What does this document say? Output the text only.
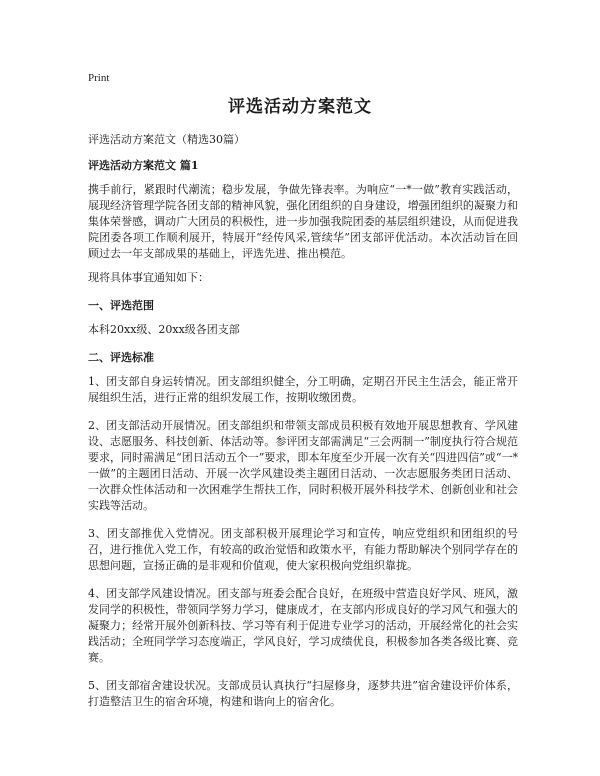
Print
评选活动方案范文

评选活动方案范文（精选30篇）

评选活动方案范文 篇1

携手前行，紧跟时代潮流；稳步发展，争做先锋表率。为响应“一*一做”教育实践活动，展现经济管理学院各团支部的精神风貌，强化团组织的自身建设，增强团组织的凝聚力和集体荣誉感，调动广大团员的积极性，进一步加强我院团委的基层组织建设，从而促进我院团委各项工作顺利展开，特展开“经传风采,管续华”团支部评优活动。本次活动旨在回顾过去一年支部成果的基础上，评选先进、推出模范。

现将具体事宜通知如下：

一、评选范围

本科20xx级、20xx级各团支部

二、评选标准

1、团支部自身运转情况。团支部组织健全，分工明确，定期召开民主生活会，能正常开展组织生活，进行正常的组织发展工作，按期收缴团费。

2、团支部活动开展情况。团支部组织和带领支部成员积极有效地开展思想教育、学风建设、志愿服务、科技创新、体活动等。参评团支部需满足“三会两制一”制度执行符合规范要求，同时需满足“团日活动五个一”要求，即本年度至少开展一次有关“四进四信”或“一*一做”的主题团日活动、开展一次学风建设类主题团日活动、一次志愿服务类团日活动、一次群众性体活动和一次困难学生帮扶工作，同时积极开展外科技学术、创新创业和社会实践等活动。

3、团支部推优入党情况。团支部积极开展理论学习和宣传，响应党组织和团组织的号召，进行推优入党工作，有较高的政治觉悟和政策水平，有能力帮助解决个别同学存在的思想问题，宣扬正确的是非观和价值观，使大家积极向党组织靠拢。

4、团支部学风建设情况。团支部与班委会配合良好，在班级中营造良好学风、班风，激发同学的积极性，带领同学努力学习，健康成才，在支部内形成良好的学习风气和强大的凝聚力；经常开展外创新科技、学习等有利于促进专业学习的活动，开展经常化的社会实践活动；全班同学学习态度端正，学风良好，学习成绩优良，积极参加各类各级比赛、竞赛。

5、团支部宿舍建设状况。支部成员认真执行“扫屋修身，逐梦共进”宿舍建设评价体系，打造整洁卫生的宿舍环境，构建和谐向上的宿舍化。
